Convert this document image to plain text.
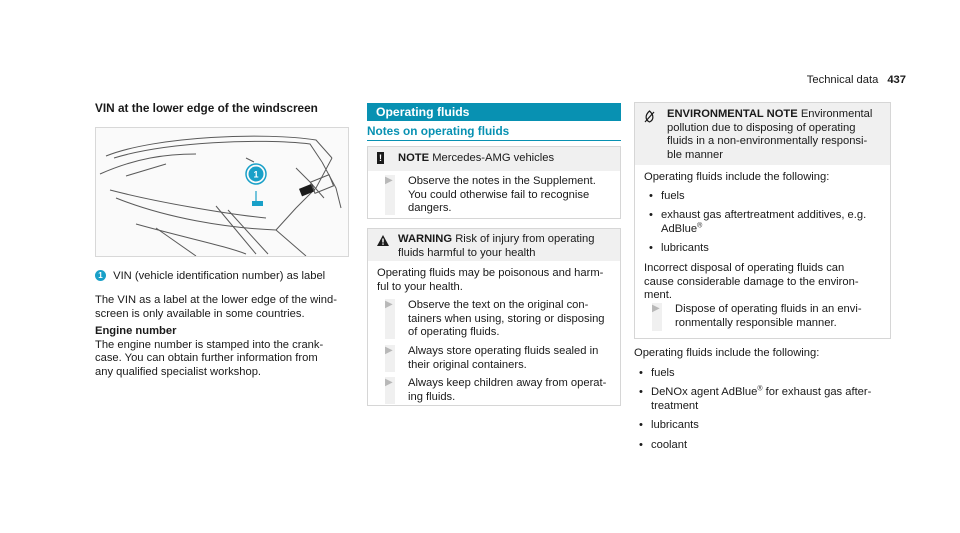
Technical data 437
VIN at the lower edge of the windscreen
1
1 VIN (vehicle identification number) as label

The VIN as a label at the lower edge of the wind-

screen is only available in some countries.

Engine number

The engine number is stamped into the crank-

case. You can obtain further information from

any qualified specialist workshop.

Operating fluids
Notes on operating fluids
! NOTE Mercedes-AMG vehicles
▶ Observe the notes in the Supplement.

You could otherwise fail to recognise

dangers.

WARNING Risk of injury from operating

fluids harmful to your health

Operating fluids may be poisonous and harm-

ful to your health.

▶ Observe the text on the original con-

tainers when using, storing or disposing

of operating fluids.

▶ Always store operating fluids sealed in

their original containers.

▶ Always keep children away from operat-

ing fluids.

ENVIRONMENTAL NOTE Environmental

pollution due to disposing of operating

fluids in a non-environmentally responsi-

ble manner

Operating fluids include the following:

• fuels
• exhaust gas aftertreatment additives, e.g.
AdBlue®
• lubricants

Incorrect disposal of operating fluids can

cause considerable damage to the environ-

ment.

▶ Dispose of operating fluids in an envi-

ronmentally responsible manner.

Operating fluids include the following:

• fuels
• DeNOx agent AdBlue® for exhaust gas after-
treatment
• lubricants
• coolant
